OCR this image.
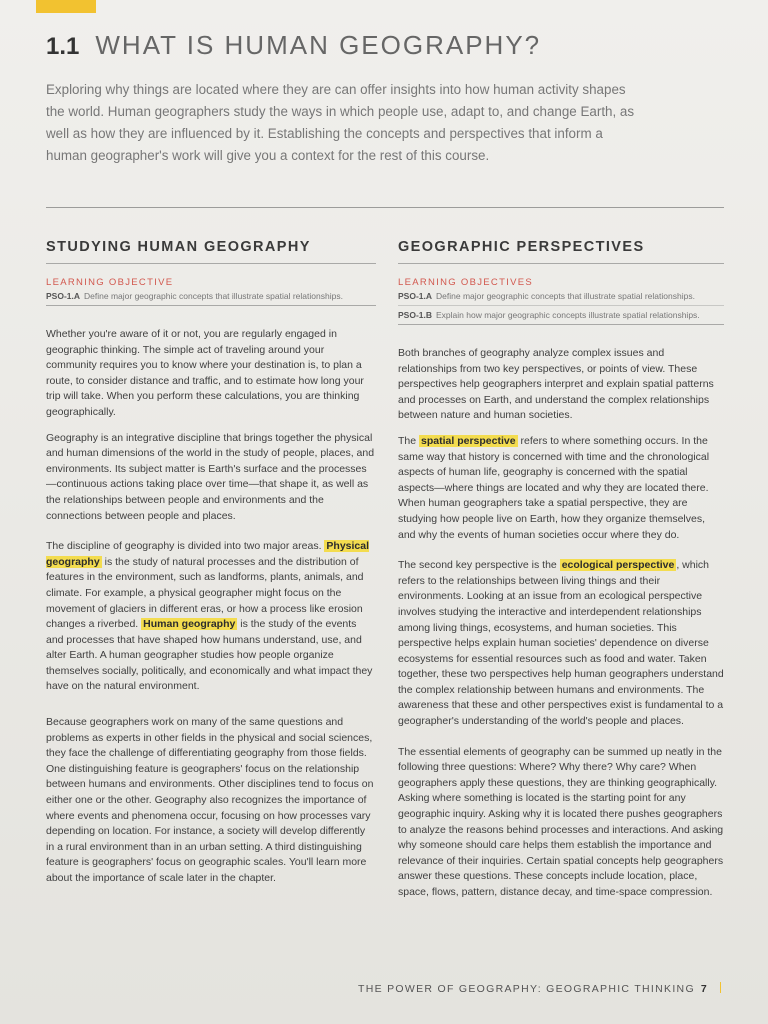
1.1 WHAT IS HUMAN GEOGRAPHY?

Exploring why things are located where they are can offer insights into how human activity shapes the world. Human geographers study the ways in which people use, adapt to, and change Earth, as well as how they are influenced by it. Establishing the concepts and perspectives that inform a human geographer's work will give you a context for the rest of this course.

STUDYING HUMAN GEOGRAPHY
LEARNING OBJECTIVE
PSO-1.A Define major geographic concepts that illustrate spatial relationships.

Whether you're aware of it or not, you are regularly engaged in geographic thinking. The simple act of traveling around your community requires you to know where your destination is, to plan a route, to consider distance and traffic, and to estimate how long your trip will take. When you perform these calculations, you are thinking geographically.

Geography is an integrative discipline that brings together the physical and human dimensions of the world in the study of people, places, and environments. Its subject matter is Earth's surface and the processes—continuous actions taking place over time—that shape it, as well as the relationships between people and environments and the connections between people and places.

The discipline of geography is divided into two major areas. Physical geography is the study of natural processes and the distribution of features in the environment, such as landforms, plants, animals, and climate. For example, a physical geographer might focus on the movement of glaciers in different eras, or how a process like erosion changes a riverbed. Human geography is the study of the events and processes that have shaped how humans understand, use, and alter Earth. A human geographer studies how people organize themselves socially, politically, and economically and what impact they have on the natural environment.

Because geographers work on many of the same questions and problems as experts in other fields in the physical and social sciences, they face the challenge of differentiating geography from those fields. One distinguishing feature is geographers' focus on the relationship between humans and environments. Other disciplines tend to focus on either one or the other. Geography also recognizes the importance of where events and phenomena occur, focusing on how processes vary depending on location. For instance, a society will develop differently in a rural environment than in an urban setting. A third distinguishing feature is geographers' focus on geographic scales. You'll learn more about the importance of scale later in the chapter.

GEOGRAPHIC PERSPECTIVES
LEARNING OBJECTIVES
PSO-1.A Define major geographic concepts that illustrate spatial relationships.
PSO-1.B Explain how major geographic concepts illustrate spatial relationships.

Both branches of geography analyze complex issues and relationships from two key perspectives, or points of view. These perspectives help geographers interpret and explain spatial patterns and processes on Earth, and understand the complex relationships between nature and human societies.

The spatial perspective refers to where something occurs. In the same way that history is concerned with time and the chronological aspects of human life, geography is concerned with the spatial aspects—where things are located and why they are located there. When human geographers take a spatial perspective, they are studying how people live on Earth, how they organize themselves, and why the events of human societies occur where they do.

The second key perspective is the ecological perspective , which refers to the relationships between living things and their environments. Looking at an issue from an ecological perspective involves studying the interactive and interdependent relationships among living things, ecosystems, and human societies. This perspective helps explain human societies' dependence on diverse ecosystems for essential resources such as food and water. Taken together, these two perspectives help human geographers understand the complex relationship between humans and environments. The awareness that these and other perspectives exist is fundamental to a geographer's understanding of the world's people and places.

The essential elements of geography can be summed up neatly in the following three questions: Where? Why there? Why care? When geographers apply these questions, they are thinking geographically. Asking where something is located is the starting point for any geographic inquiry. Asking why it is located there pushes geographers to analyze the reasons behind processes and interactions. And asking why someone should care helps them establish the importance and relevance of their inquiries. Certain spatial concepts help geographers answer these questions. These concepts include location, place, space, flows, pattern, distance decay, and time-space compression.

THE POWER OF GEOGRAPHY: GEOGRAPHIC THINKING 7
